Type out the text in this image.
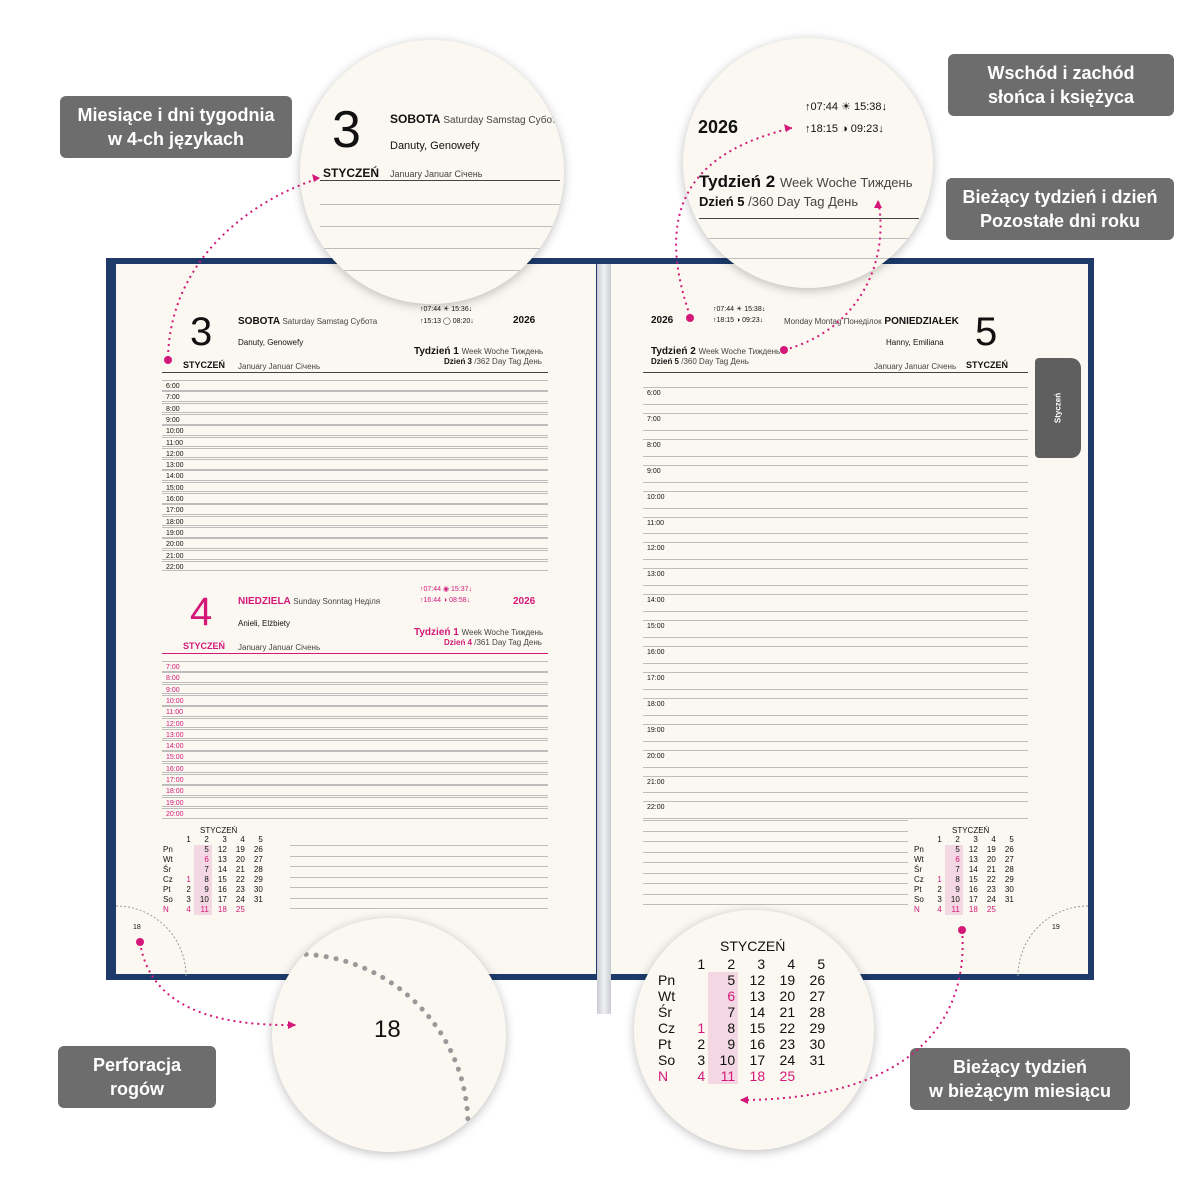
Styczeń
3	SOBOTA Saturday Samstag Субота
Danuty, Genowefy
↑07:44 ☀ 15:36↓
↑15:13 ◯ 08:20↓	2026
Tydzień 1 Week Woche Тиждень
Dzień 3 /362 Day Tag День
STYCZEŃ January Januar Січень
6:00
7:00
8:00
9:00
10:00
11:00
12:00
13:00
14:00
15:00
16:00
17:00
18:00
19:00
20:00
21:00
22:00
4	NIEDZIELA Sunday Sonntag Неділя
Anieli, Elżbiety
↑07:44 ◉ 15:37↓
↑16:44 ◑ 08:58↓	2026
Tydzień 1 Week Woche Тиждень
Dzień 4 /361 Day Tag День
STYCZEŃ January Januar Січень
7:00
8:00
9:00
10:00
11:00
12:00
13:00
14:00
15:00
16:00
17:00
18:00
19:00
20:00
STYCZEŃ
	1	2	3	4	5
Pn		5	12	19	26
Wt		6	13	20	27
Śr		7	14	21	28
Cz	1	8	15	22	29
Pt	2	9	16	23	30
So	3	10	17	24	31
N	4	11	18	25	
18
2026
↑07:44 ☀ 15:38↓
↑18:15 ◑ 09:23↓	Monday Montag Понеділок PONIEDZIAŁEK 5
Hanny, Emiliana
Tydzień 2 Week Woche Тиждень
Dzień 5 /360 Day Tag День
January Januar Січень STYCZEŃ
6:00
7:00
8:00
9:00
10:00
11:00
12:00
13:00
14:00
15:00
16:00
17:00
18:00
19:00
20:00
21:00
22:00
STYCZEŃ
	1	2	3	4	5
Pn		5	12	19	26
Wt		6	13	20	27
Śr		7	14	21	28
Cz	1	8	15	22	29
Pt	2	9	16	23	30
So	3	10	17	24	31
N	4	11	18	25	
19
3 SOBOTA Saturday Samstag Субота
Danuty, Genowefy
STYCZEŃ January Januar Січень
2026
↑07:44 ☀ 15:38↓
↑18:15 ◑ 09:23↓
Tydzień 2 Week Woche Тиждень
Dzień 5 /360 Day Tag День
18
STYCZEŃ
	1	2	3	4	5
Pn		5	12	19	26
Wt		6	13	20	27
Śr		7	14	21	28
Cz	1	8	15	22	29
Pt	2	9	16	23	30
So	3	10	17	24	31
N	4	11	18	25	
Miesiące i dni tygodnia
w 4-ch językach
Wschód i zachód
słońca i księżyca
Bieżący tydzień i dzień
Pozostałe dni roku
Perforacja
rogów
Bieżący tydzień
w bieżącym miesiącu
